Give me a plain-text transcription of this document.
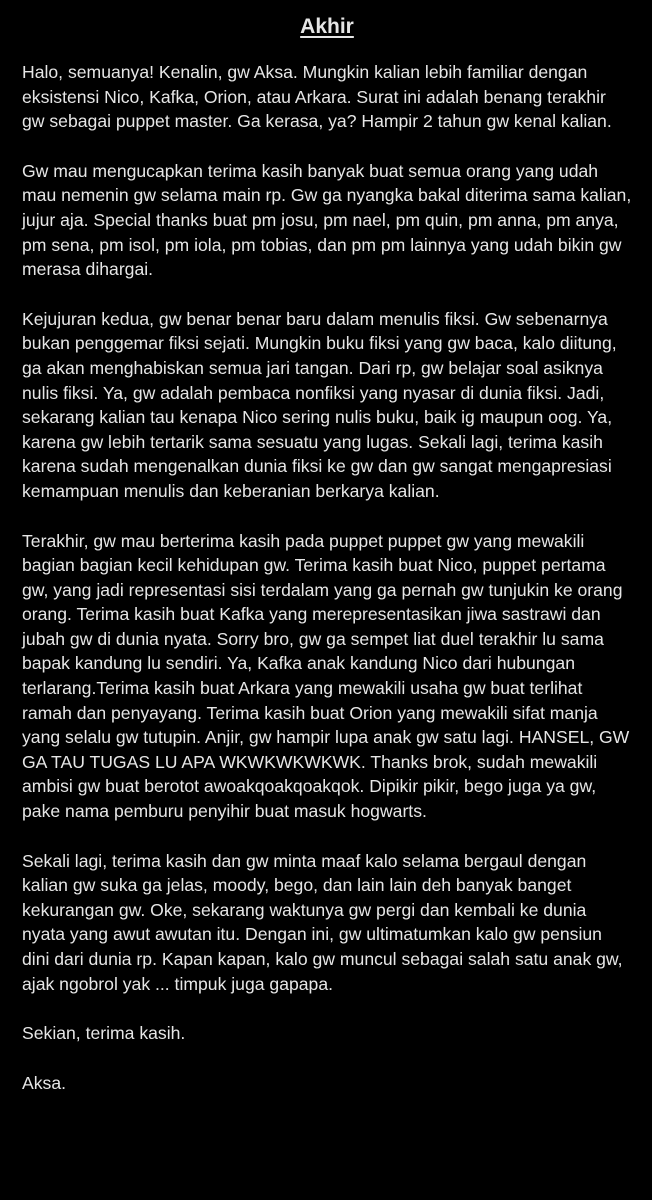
Akhir

Halo, semuanya! Kenalin, gw Aksa. Mungkin kalian lebih familiar dengan eksistensi Nico, Kafka, Orion, atau Arkara. Surat ini adalah benang terakhir gw sebagai puppet master. Ga kerasa, ya? Hampir 2 tahun gw kenal kalian.

Gw mau mengucapkan terima kasih banyak buat semua orang yang udah mau nemenin gw selama main rp. Gw ga nyangka bakal diterima sama kalian, jujur aja. Special thanks buat pm josu, pm nael, pm quin, pm anna, pm anya, pm sena, pm isol, pm iola, pm tobias, dan pm pm lainnya yang udah bikin gw merasa dihargai.

Kejujuran kedua, gw benar benar baru dalam menulis fiksi. Gw sebenarnya bukan penggemar fiksi sejati. Mungkin buku fiksi yang gw baca, kalo diitung, ga akan menghabiskan semua jari tangan. Dari rp, gw belajar soal asiknya nulis fiksi. Ya, gw adalah pembaca nonfiksi yang nyasar di dunia fiksi. Jadi, sekarang kalian tau kenapa Nico sering nulis buku, baik ig maupun oog. Ya, karena gw lebih tertarik sama sesuatu yang lugas. Sekali lagi, terima kasih karena sudah mengenalkan dunia fiksi ke gw dan gw sangat mengapresiasi kemampuan menulis dan keberanian berkarya kalian.

Terakhir, gw mau berterima kasih pada puppet puppet gw yang mewakili bagian bagian kecil kehidupan gw. Terima kasih buat Nico, puppet pertama gw, yang jadi representasi sisi terdalam yang ga pernah gw tunjukin ke orang orang. Terima kasih buat Kafka yang merepresentasikan jiwa sastrawi dan jubah gw di dunia nyata. Sorry bro, gw ga sempet liat duel terakhir lu sama bapak kandung lu sendiri. Ya, Kafka anak kandung Nico dari hubungan terlarang.Terima kasih buat Arkara yang mewakili usaha gw buat terlihat ramah dan penyayang. Terima kasih buat Orion yang mewakili sifat manja yang selalu gw tutupin. Anjir, gw hampir lupa anak gw satu lagi. HANSEL, GW GA TAU TUGAS LU APA WKWKWKWKWK. Thanks brok, sudah mewakili ambisi gw buat berotot awoakqoakqoakqok. Dipikir pikir, bego juga ya gw, pake nama pemburu penyihir buat masuk hogwarts.

Sekali lagi, terima kasih dan gw minta maaf kalo selama bergaul dengan kalian gw suka ga jelas, moody, bego, dan lain lain deh banyak banget kekurangan gw. Oke, sekarang waktunya gw pergi dan kembali ke dunia nyata yang awut awutan itu. Dengan ini, gw ultimatumkan kalo gw pensiun dini dari dunia rp. Kapan kapan, kalo gw muncul sebagai salah satu anak gw, ajak ngobrol yak ... timpuk juga gapapa.

Sekian, terima kasih.

Aksa.
